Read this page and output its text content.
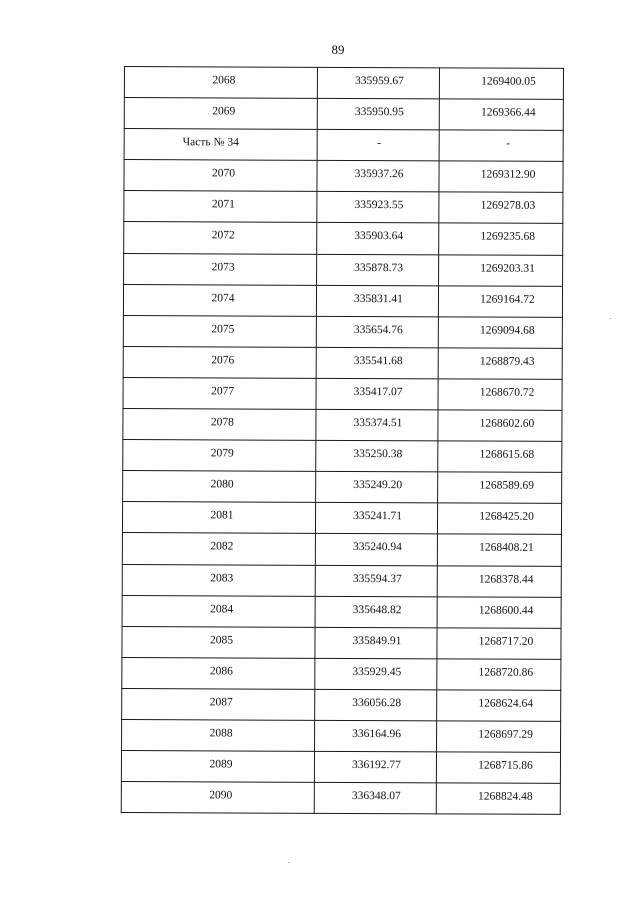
89
2068	335959.67	1269400.05

2069	335950.95	1269366.44

Часть № 34	-	-

2070	335937.26	1269312.90

2071	335923.55	1269278.03

2072	335903.64	1269235.68

2073	335878.73	1269203.31

2074	335831.41	1269164.72

2075	335654.76	1269094.68

2076	335541.68	1268879.43

2077	335417.07	1268670.72

2078	335374.51	1268602.60

2079	335250.38	1268615.68

2080	335249.20	1268589.69

2081	335241.71	1268425.20

2082	335240.94	1268408.21

2083	335594.37	1268378.44

2084	335648.82	1268600.44

2085	335849.91	1268717.20

2086	335929.45	1268720.86

2087	336056.28	1268624.64

2088	336164.96	1268697.29

2089	336192.77	1268715.86

2090	336348.07	1268824.48
